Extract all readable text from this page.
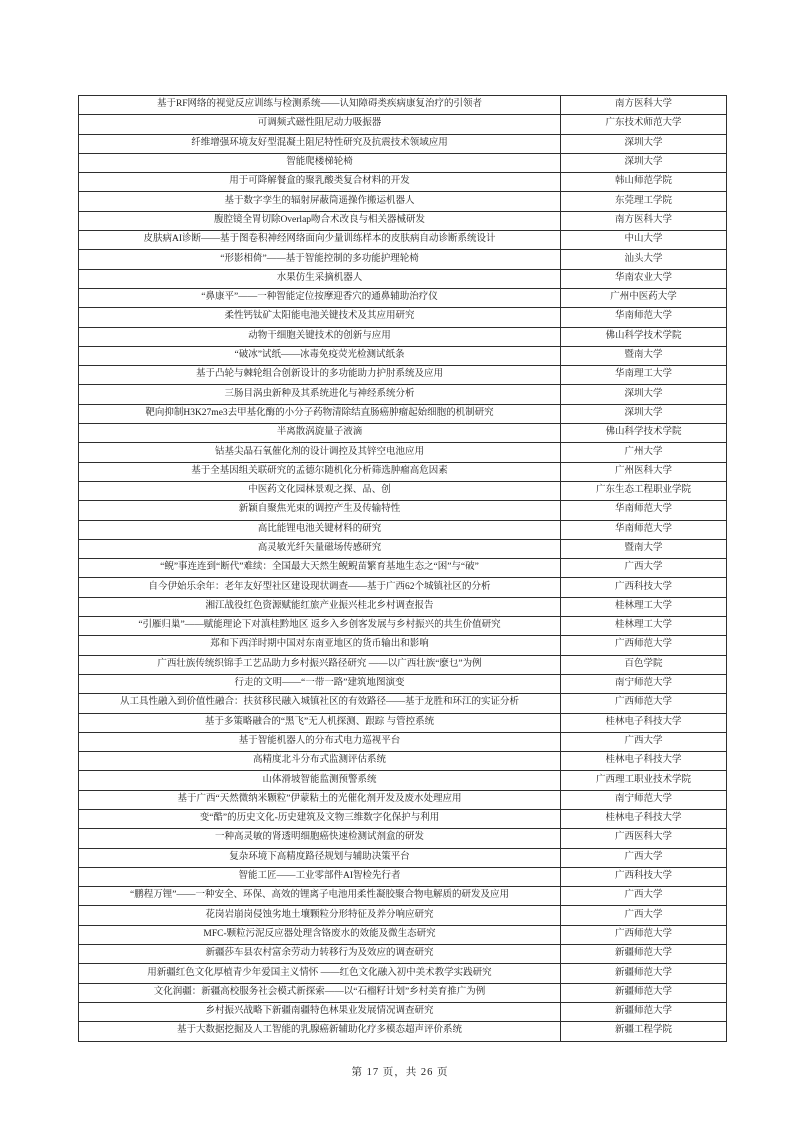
基于RF网络的视觉反应训练与检测系统——认知障碍类疾病康复治疗的引领者	南方医科大学
可调频式磁性阻尼动力吸振器	广东技术师范大学
纤维增强环境友好型混凝土阻尼特性研究及抗震技术领域应用	深圳大学
智能爬楼梯轮椅	深圳大学
用于可降解餐盒的聚乳酸类复合材料的开发	韩山师范学院
基于数字孪生的辐射屏蔽筒遥操作搬运机器人	东莞理工学院
腹腔镜全胃切除Overlap吻合术改良与相关器械研发	南方医科大学
皮肤病AI诊断——基于图卷积神经网络面向少量训练样本的皮肤病自动诊断系统设计	中山大学
“形影相倚”——基于智能控制的多功能护理轮椅	汕头大学
水果仿生采摘机器人	华南农业大学
“鼻康平”——一种智能定位按摩迎香穴的通鼻辅助治疗仪	广州中医药大学
柔性钙钛矿太阳能电池关键技术及其应用研究	华南师范大学
动物干细胞关键技术的创新与应用	佛山科学技术学院
“破冰”试纸——冰毒免疫荧光检测试纸条	暨南大学
基于凸轮与棘轮组合创新设计的多功能助力护肘系统及应用	华南理工大学
三肠目涡虫新种及其系统进化与神经系统分析	深圳大学
靶向抑制H3K27me3去甲基化酶的小分子药物清除结直肠癌肿瘤起始细胞的机制研究	深圳大学
半离散涡旋量子液滴	佛山科学技术学院
钴基尖晶石氧催化剂的设计调控及其锌空电池应用	广州大学
基于全基因组关联研究的孟德尔随机化分析筛选肿瘤高危因素	广州医科大学
中医药文化园林景观之探、品、创	广东生态工程职业学院
新颖自聚焦光束的调控产生及传输特性	华南师范大学
高比能锂电池关键材料的研究	华南师范大学
高灵敏光纤矢量磁场传感研究	暨南大学
“鲵”事连连到“断代”难续：全国最大天然生鲵鲵苗繁育基地生态之“困”与“破”	广西大学
自今伊始乐余年：老年友好型社区建设现状调查——基于广西62个城镇社区的分析	广西科技大学
湘江战役红色资源赋能红旅产业振兴桂北乡村调查报告	桂林理工大学
“引雁归巢”——赋能理论下对滇桂黔地区 返乡入乡创客发展与乡村振兴的共生价值研究	桂林理工大学
郑和下西洋时期中国对东南亚地区的货币输出和影响	广西师范大学
广西壮族传统织锦手工艺品助力乡村振兴路径研究 ——以广西壮族“麽乜”为例	百色学院
行走的文明——“一带一路”建筑地图演变	南宁师范大学
从工具性融入到价值性融合：扶贫移民融入城镇社区的有效路径——基于龙胜和环江的实证分析	广西师范大学
基于多策略融合的“黑飞”无人机探测、跟踪 与管控系统	桂林电子科技大学
基于智能机器人的分布式电力巡视平台	广西大学
高精度北斗分布式监测评估系统	桂林电子科技大学
山体滑坡智能监测预警系统	广西理工职业技术学院
基于广西“天然微纳米颗粒”伊蒙粘土的光催化剂开发及废水处理应用	南宁师范大学
变“酷”的历史文化-历史建筑及文物三维数字化保护与利用	桂林电子科技大学
一种高灵敏的肾透明细胞癌快速检测试剂盒的研发	广西医科大学
复杂环境下高精度路径规划与辅助决策平台	广西大学
智能工匠——工业零部件AI智检先行者	广西科技大学
“鹏程万锂”——一种安全、环保、高效的锂离子电池用柔性凝胶聚合物电解质的研发及应用	广西大学
花岗岩崩岗侵蚀劣地土壤颗粒分形特征及养分响应研究	广西大学
MFC-颗粒污泥反应器处理含铬废水的效能及微生态研究	广西师范大学
新疆莎车县农村富余劳动力转移行为及效应的调查研究	新疆师范大学
用新疆红色文化厚植青少年爱国主义情怀 ——红色文化融入初中美术教学实践研究	新疆师范大学
文化润疆：新疆高校服务社会模式新探索——以“石榴籽计划”乡村美育推广为例	新疆师范大学
乡村振兴战略下新疆南疆特色林果业发展情况调查研究	新疆师范大学
基于大数据挖掘及人工智能的乳腺癌新辅助化疗多模态超声评价系统	新疆工程学院
第 17 页，共 26 页
